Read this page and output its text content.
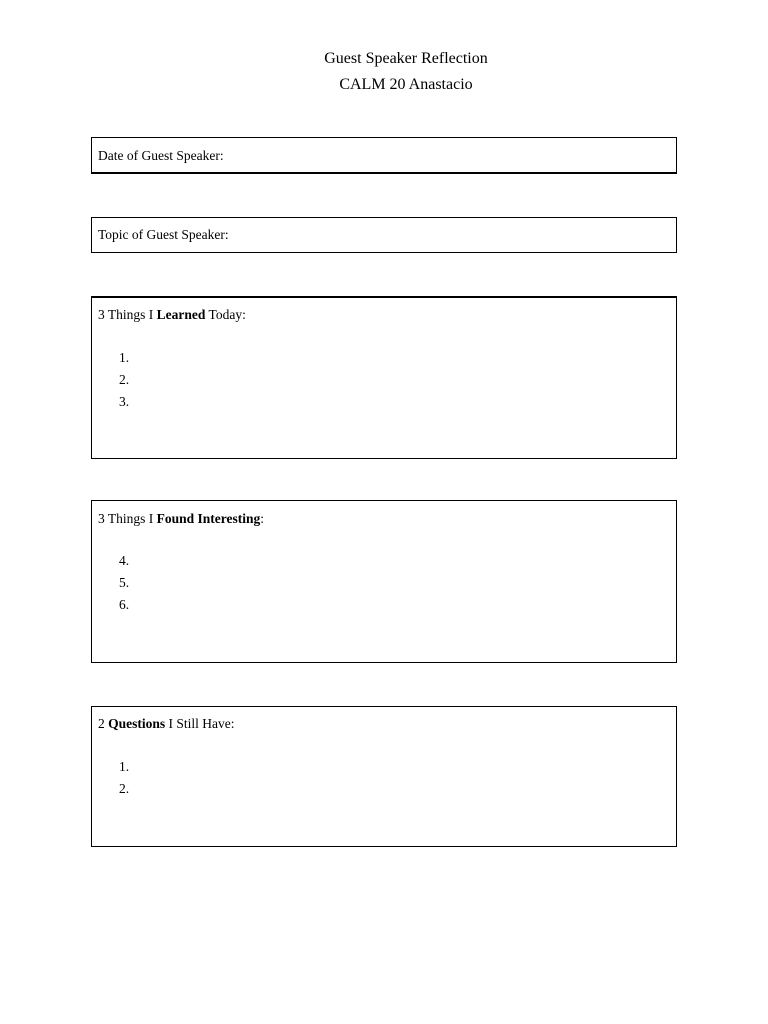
Guest Speaker Reflection
CALM 20 Anastacio
Date of Guest Speaker:
Topic of Guest Speaker:
3 Things I Learned Today:
1.
2.
3.
3 Things I Found Interesting:
4.
5.
6.
2 Questions I Still Have:
1.
2.
